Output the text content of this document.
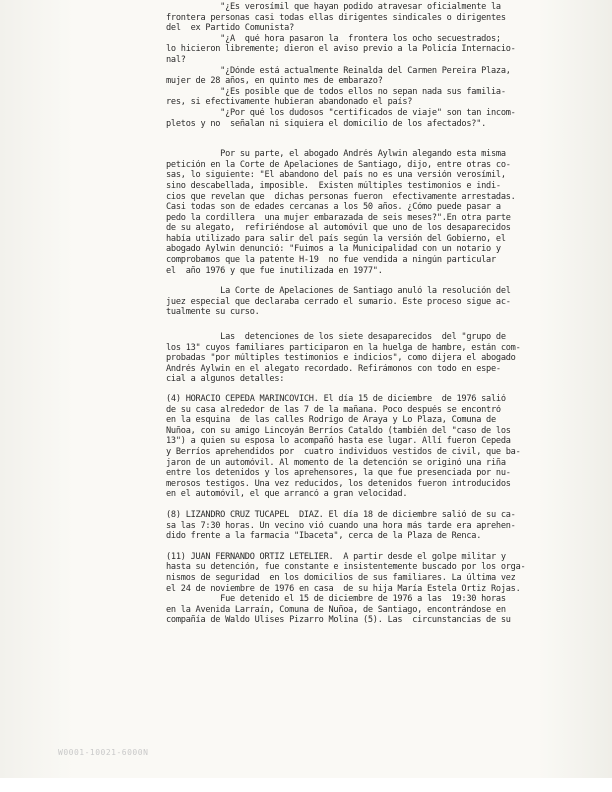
"¿Es verosímil que hayan podido atravesar oficialmente la
frontera personas casi todas ellas dirigentes sindicales o dirigentes
del  ex Partido Comunista?
"¿A  qué hora pasaron la  frontera los ocho secuestrados;
lo hicieron libremente; dieron el aviso previo a la Policía Internacio-
nal?
"¿Dónde está actualmente Reinalda del Carmen Pereira Plaza,
mujer de 28 años, en quinto mes de embarazo?
"¿Es posible que de todos ellos no sepan nada sus familia-
res, si efectivamente hubieran abandonado el país?
"¿Por qué los dudosos "certificados de viaje" son tan incom-
pletos y no  señalan ni siquiera el domicilio de los afectados?".
Por su parte, el abogado Andrés Aylwin alegando esta misma
petición en la Corte de Apelaciones de Santiago, dijo, entre otras co-
sas, lo siguiente: "El abandono del país no es una versión verosímil,
sino descabellada, imposible.  Existen múltiples testimonios e indi-
cios que revelan que  dichas personas fueron  efectivamente arrestadas.
Casi todas son de edades cercanas a los 50 años. ¿Cómo puede pasar a
pedo la cordillera  una mujer embarazada de seis meses?".En otra parte
de su alegato,  refiriéndose al automóvil que uno de los desaparecidos
había utilizado para salir del país según la versión del Gobierno, el
abogado Aylwin denunció: "Fuimos a la Municipalidad con un notario y
comprobamos que la patente H-19  no fue vendida a ningún particular
el  año 1976 y que fue inutilizada en 1977".
La Corte de Apelaciones de Santiago anuló la resolución del
juez especial que declaraba cerrado el sumario. Este proceso sigue ac-
tualmente su curso.
Las  detenciones de los siete desaparecidos  del "grupo de
los 13" cuyos familiares participaron en la huelga de hambre, están com-
probadas "por múltiples testimonios e indicios", como dijera el abogado
Andrés Aylwin en el alegato recordado. Refirámonos con todo en espe-
cial a algunos detalles:
(4) HORACIO CEPEDA MARINCOVICH. El día 15 de diciembre  de 1976 salió
de su casa alrededor de las 7 de la mañana. Poco después se encontró
en la esquina  de las calles Rodrigo de Araya y Lo Plaza, Comuna de
Ñuñoa, con su amigo Lincoyán Berríos Cataldo (también del "caso de los
13") a quien su esposa lo acompañó hasta ese lugar. Allí fueron Cepeda
y Berríos aprehendidos por  cuatro individuos vestidos de civil, que ba-
jaron de un automóvil. Al momento de la detención se originó una riña
entre los detenidos y los aprehensores, la que fue presenciada por nu-
merosos testigos. Una vez reducidos, los detenidos fueron introducidos
en el automóvil, el que arrancó a gran velocidad.
(8) LIZANDRO CRUZ TUCAPEL  DIAZ. El día 18 de diciembre salió de su ca-
sa las 7:30 horas. Un vecino vió cuando una hora más tarde era aprehen-
dido frente a la farmacia "Ibaceta", cerca de la Plaza de Renca.
(11) JUAN FERNANDO ORTIZ LETELIER.  A partir desde el golpe militar y
hasta su detención, fue constante e insistentemente buscado por los orga-
nismos de seguridad  en los domicilios de sus familiares. La última vez
el 24 de noviembre de 1976 en casa  de su hija María Estela Ortiz Rojas.
Fue detenido el 15 de diciembre de 1976 a las  19:30 horas
en la Avenida Larraín, Comuna de Nuñoa, de Santiago, encontrándose en
compañía de Waldo Ulises Pizarro Molina (5). Las  circunstancias de su
W0001-10021-6000N
